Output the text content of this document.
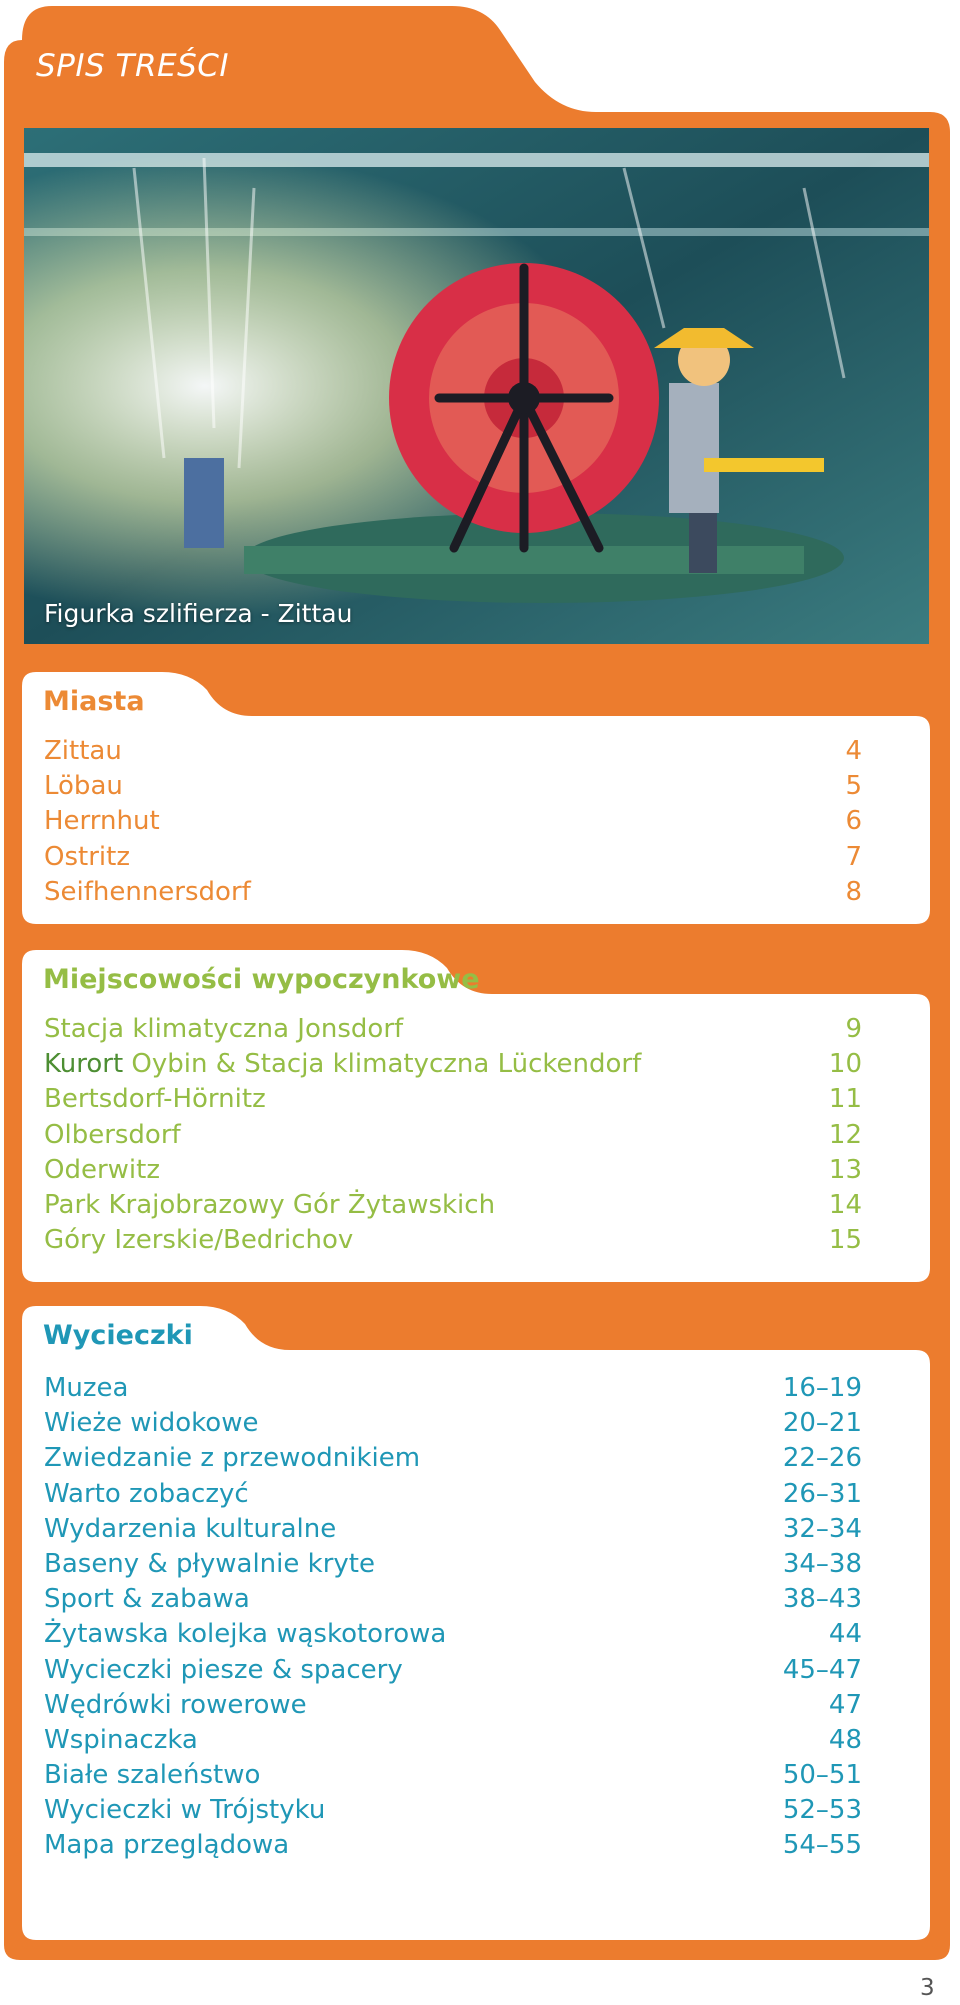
SPIS TREŚCI
Figurka szlifierza - Zittau
Miasta
Zittau	4
Löbau	5
Herrnhut	6
Ostritz	7
Seifhennersdorf	8
Miejscowości wypoczynkowe
Stacja klimatyczna Jonsdorf	9
Kurort Oybin & Stacja klimatyczna Lückendorf	10
Bertsdorf-Hörnitz	11
Olbersdorf	12
Oderwitz	13
Park Krajobrazowy Gór Żytawskich	14
Góry Izerskie/Bedrichov	15
Wycieczki
Muzea	16–19
Wieże widokowe	20–21
Zwiedzanie z przewodnikiem	22–26
Warto zobaczyć	26–31
Wydarzenia kulturalne	32–34
Baseny & pływalnie kryte	34–38
Sport & zabawa	38–43
Żytawska kolejka wąskotorowa	44
Wycieczki piesze & spacery	45–47
Wędrówki rowerowe	47
Wspinaczka	48
Białe szaleństwo	50–51
Wycieczki w Trójstyku	52–53
Mapa przeglądowa	54–55
3
